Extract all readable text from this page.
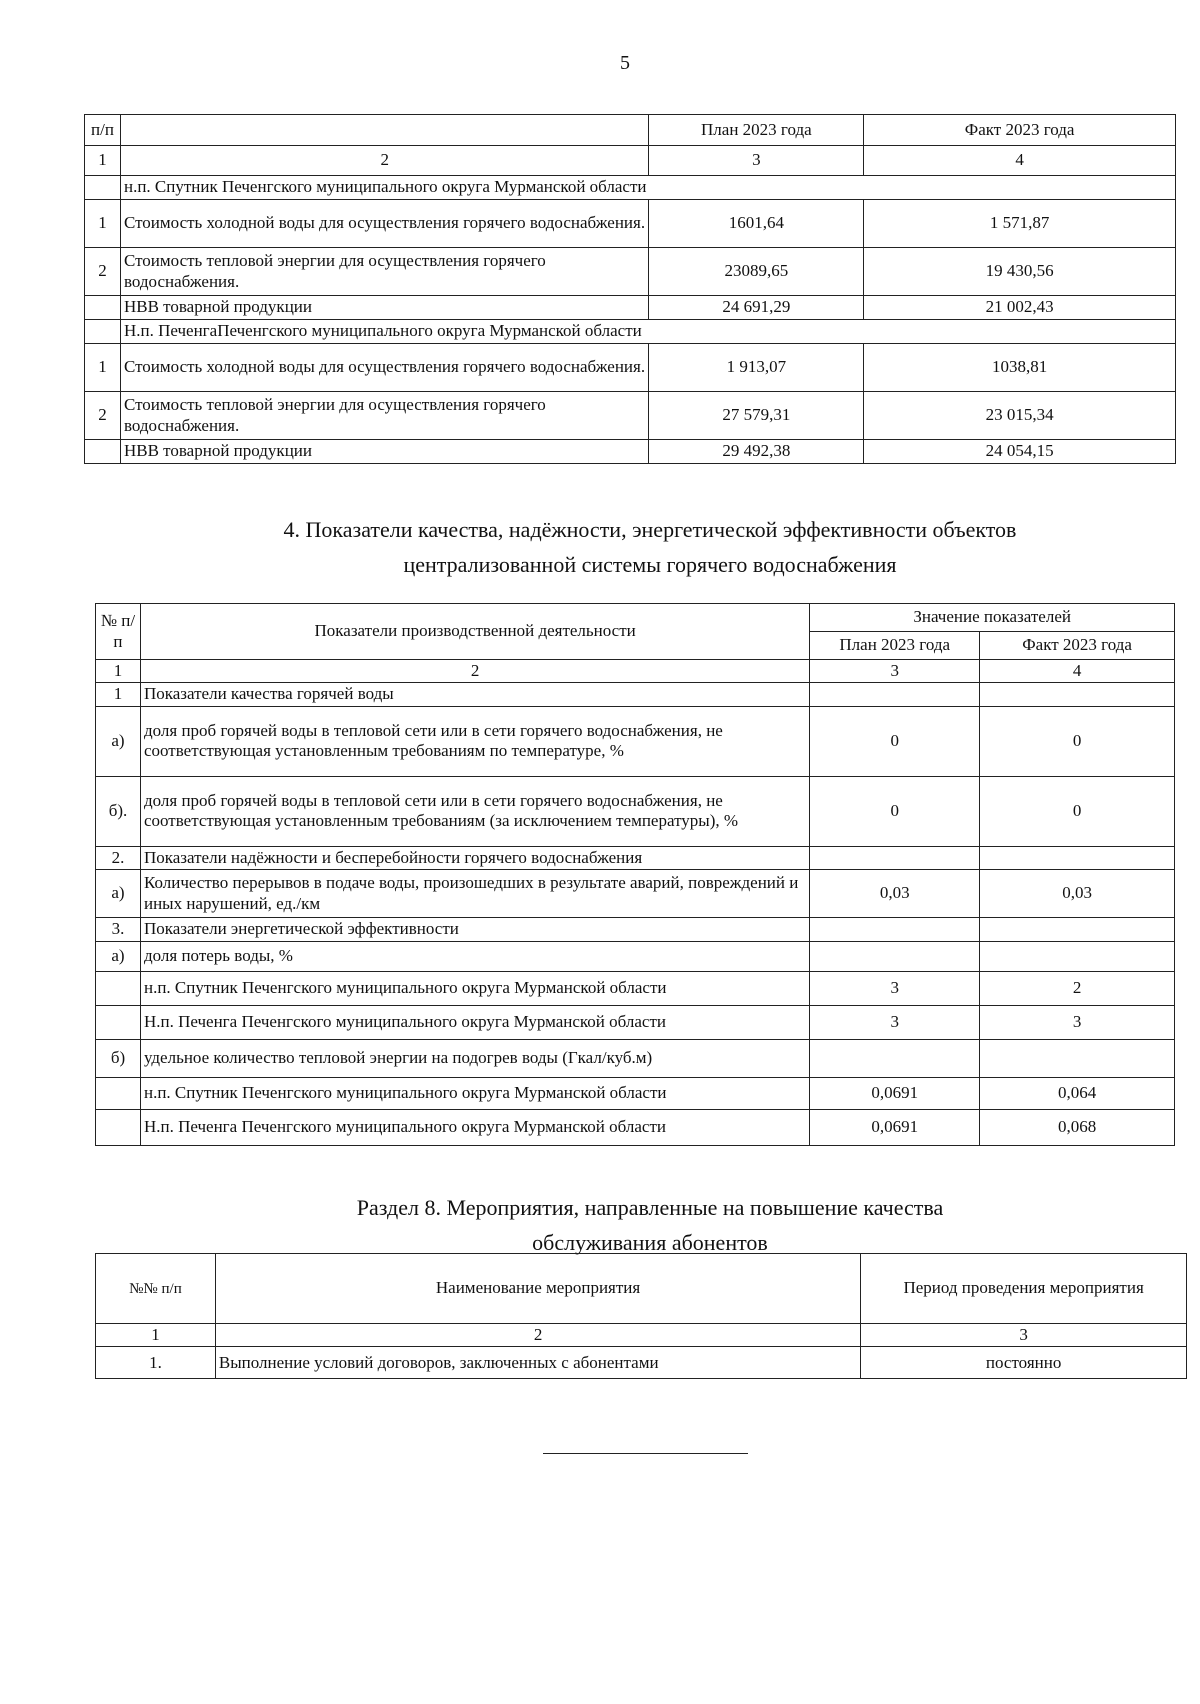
5
п/п		План 2023 года	Факт 2023 года
1	2	3	4
	н.п. Спутник Печенгского муниципального округа Мурманской области		
1	Стоимость холодной воды для осуществления горячего водоснабжения.	1601,64	1 571,87
2	Стоимость тепловой энергии для осуществления горячего водоснабжения.	23089,65	19 430,56
	НВВ товарной продукции	24 691,29	21 002,43
	Н.п. ПеченгаПеченгского муниципального округа Мурманской области		
1	Стоимость холодной воды для осуществления горячего водоснабжения.	1 913,07	1038,81
2	Стоимость тепловой энергии для осуществления горячего водоснабжения.	27 579,31	23 015,34
	НВВ товарной продукции	29 492,38	24 054,15
4. Показатели качества, надёжности, энергетической эффективности объектов
централизованной системы горячего водоснабжения
№ п/п	Показатели производственной деятельности	Значение показателей	
		План 2023 года	Факт 2023 года
1	2	3	4
1	Показатели качества горячей воды		
а)	доля проб горячей воды в тепловой сети или в сети горячего водоснабжения, не соответствующая установленным требованиям по температуре, %	0	0
б).	доля проб горячей воды в тепловой сети или в сети горячего водоснабжения, не соответствующая установленным требованиям (за исключением температуры), %	0	0
2.	Показатели надёжности и бесперебойности горячего водоснабжения		
а)	Количество перерывов в подаче воды, произошедших в результате аварий, повреждений и иных нарушений, ед./км	0,03	0,03
3.	Показатели энергетической эффективности		
а)	доля потерь воды, %		
	н.п. Спутник Печенгского муниципального округа Мурманской области	3	2
	Н.п. Печенга Печенгского муниципального округа Мурманской области	3	3
б)	удельное количество тепловой энергии на подогрев воды (Гкал/куб.м)		
	н.п. Спутник Печенгского муниципального округа Мурманской области	0,0691	0,064
	Н.п. Печенга Печенгского муниципального округа Мурманской области	0,0691	0,068
Раздел 8. Мероприятия, направленные на повышение качества
обслуживания абонентов
№№ п/п	Наименование мероприятия	Период проведения мероприятия
1	2	3
1.	Выполнение условий договоров, заключенных с абонентами	постоянно
